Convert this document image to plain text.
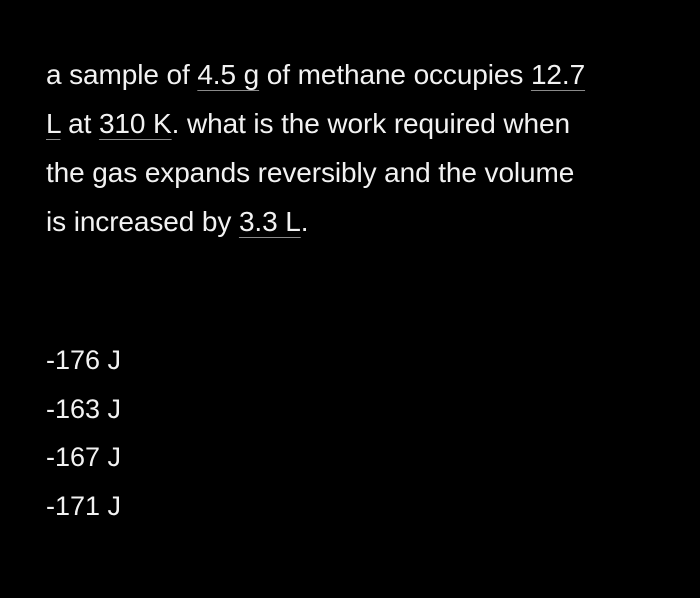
a sample of 4.5 g of methane occupies 12.7
L at 310 K. what is the work required when
the gas expands reversibly and the volume
is increased by 3.3 L.
-176 J
-163 J
-167 J
-171 J
